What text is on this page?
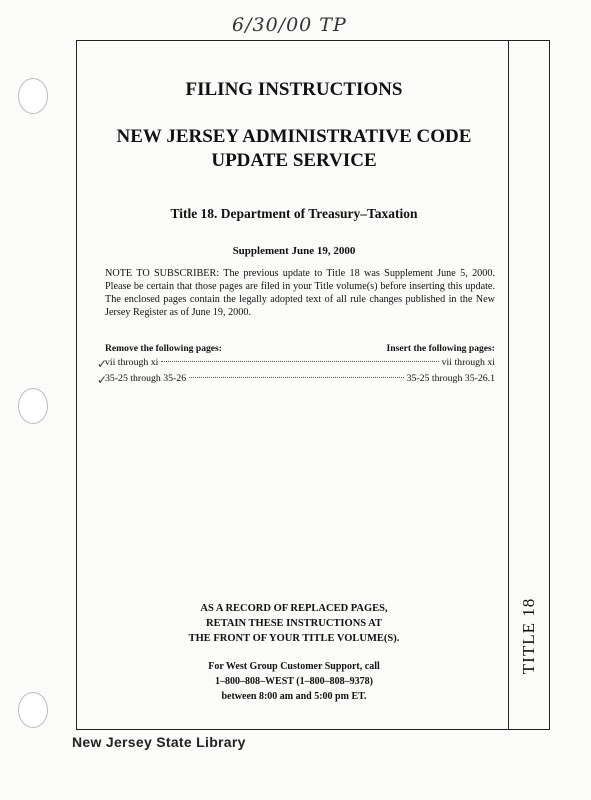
6/30/00 TP
FILING INSTRUCTIONS
NEW JERSEY ADMINISTRATIVE CODE
UPDATE SERVICE
Title 18. Department of Treasury–Taxation
Supplement June 19, 2000
NOTE TO SUBSCRIBER: The previous update to Title 18 was Supplement June 5, 2000. Please be certain that those pages are filed in your Title volume(s) before inserting this update. The enclosed pages contain the legally adopted text of all rule changes published in the New Jersey Register as of June 19, 2000.
Remove the following pages:	Insert the following pages:
✓
vii through xi	vii through xi
✓
35-25 through 35-26	35-25 through 35-26.1
AS A RECORD OF REPLACED PAGES,
RETAIN THESE INSTRUCTIONS AT
THE FRONT OF YOUR TITLE VOLUME(S).
For West Group Customer Support, call
1–800–808–WEST (1–800–808–9378)
between 8:00 am and 5:00 pm ET.
TITLE 18
New Jersey State Library
